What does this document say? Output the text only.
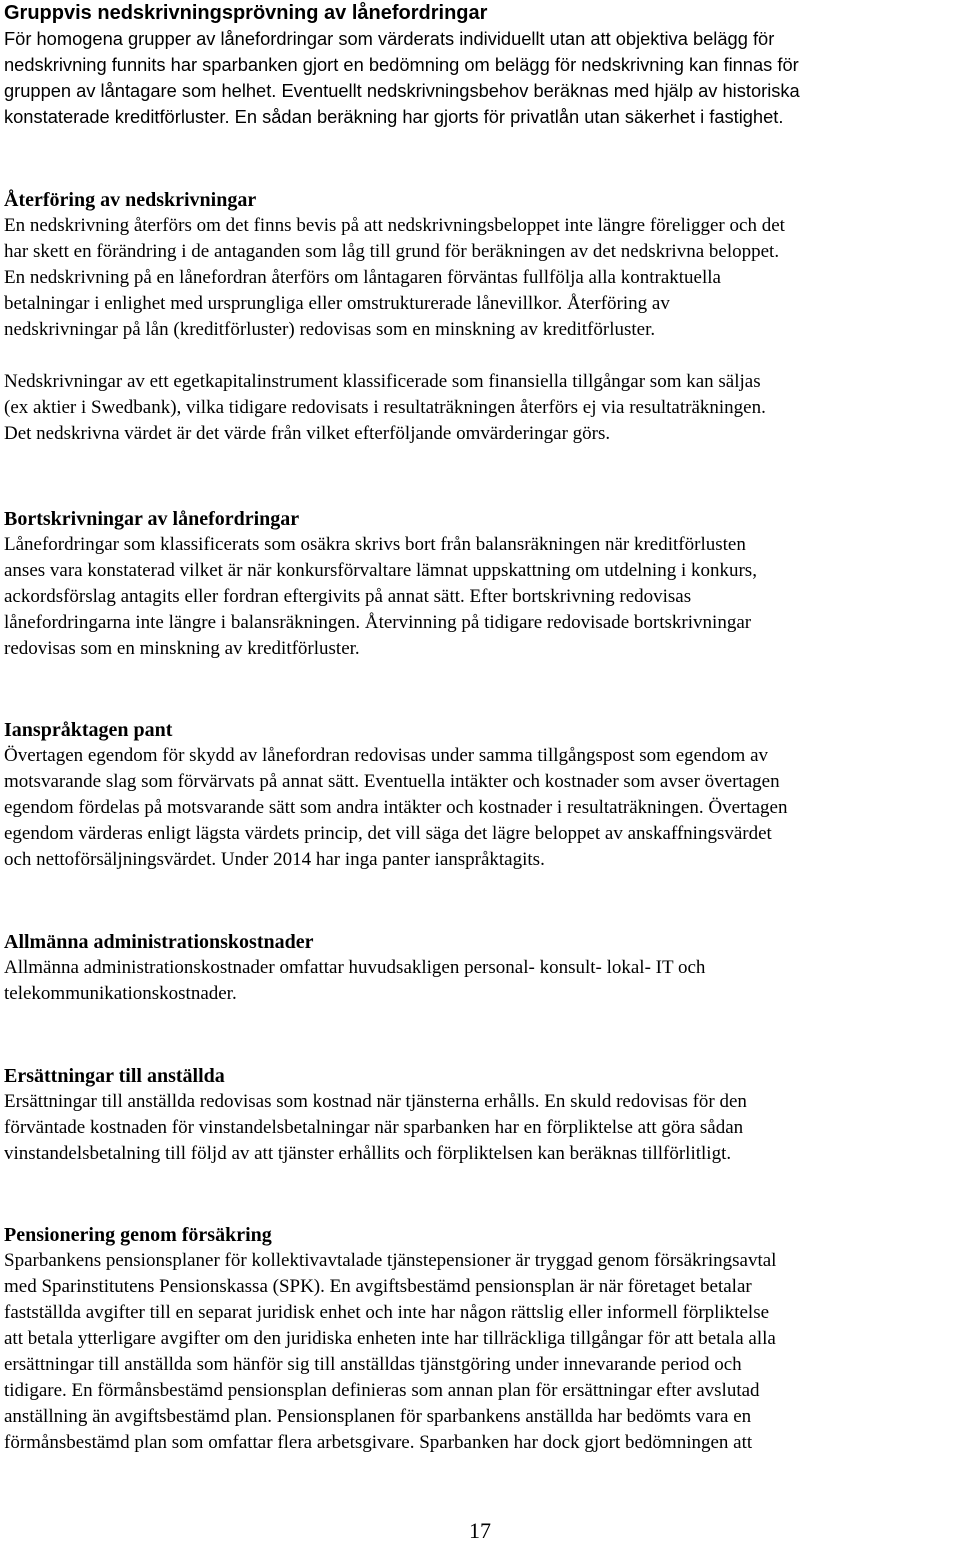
Gruppvis nedskrivningsprövning av lånefordringar
För homogena grupper av lånefordringar som värderats individuellt utan att objektiva belägg för
nedskrivning funnits har sparbanken gjort en bedömning om belägg för nedskrivning kan finnas för
gruppen av låntagare som helhet. Eventuellt nedskrivningsbehov beräknas med hjälp av historiska
konstaterade kreditförluster. En sådan beräkning har gjorts för privatlån utan säkerhet i fastighet.
Återföring av nedskrivningar
En nedskrivning återförs om det finns bevis på att nedskrivningsbeloppet inte längre föreligger och det
har skett en förändring i de antaganden som låg till grund för beräkningen av det nedskrivna beloppet.
En nedskrivning på en lånefordran återförs om låntagaren förväntas fullfölja alla kontraktuella
betalningar i enlighet med ursprungliga eller omstrukturerade lånevillkor. Återföring av
nedskrivningar på lån (kreditförluster) redovisas som en minskning av kreditförluster.
Nedskrivningar av ett egetkapitalinstrument klassificerade som finansiella tillgångar som kan säljas
(ex aktier i Swedbank), vilka tidigare redovisats i resultaträkningen återförs ej via resultaträkningen.
Det nedskrivna värdet är det värde från vilket efterföljande omvärderingar görs.
Bortskrivningar av lånefordringar
Lånefordringar som klassificerats som osäkra skrivs bort från balansräkningen när kreditförlusten
anses vara konstaterad vilket är när konkursförvaltare lämnat uppskattning om utdelning i konkurs,
ackordsförslag antagits eller fordran eftergivits på annat sätt. Efter bortskrivning redovisas
lånefordringarna inte längre i balansräkningen. Återvinning på tidigare redovisade bortskrivningar
redovisas som en minskning av kreditförluster.
Ianspråktagen pant
Övertagen egendom för skydd av lånefordran redovisas under samma tillgångspost som egendom av
motsvarande slag som förvärvats på annat sätt. Eventuella intäkter och kostnader som avser övertagen
egendom fördelas på motsvarande sätt som andra intäkter och kostnader i resultaträkningen. Övertagen
egendom värderas enligt lägsta värdets princip, det vill säga det lägre beloppet av anskaffningsvärdet
och nettoförsäljningsvärdet. Under 2014 har inga panter ianspråktagits.
Allmänna administrationskostnader
Allmänna administrationskostnader omfattar huvudsakligen personal- konsult- lokal- IT och
telekommunikationskostnader.
Ersättningar till anställda
Ersättningar till anställda redovisas som kostnad när tjänsterna erhålls. En skuld redovisas för den
förväntade kostnaden för vinstandelsbetalningar när sparbanken har en förpliktelse att göra sådan
vinstandelsbetalning till följd av att tjänster erhållits och förpliktelsen kan beräknas tillförlitligt.
Pensionering genom försäkring
Sparbankens pensionsplaner för kollektivavtalade tjänstepensioner är tryggad genom försäkringsavtal
med Sparinstitutens Pensionskassa (SPK). En avgiftsbestämd pensionsplan är när företaget betalar
fastställda avgifter till en separat juridisk enhet och inte har någon rättslig eller informell förpliktelse
att betala ytterligare avgifter om den juridiska enheten inte har tillräckliga tillgångar för att betala alla
ersättningar till anställda som hänför sig till anställdas tjänstgöring under innevarande period och
tidigare. En förmånsbestämd pensionsplan definieras som annan plan för ersättningar efter avslutad
anställning än avgiftsbestämd plan. Pensionsplanen för sparbankens anställda har bedömts vara en
förmånsbestämd plan som omfattar flera arbetsgivare. Sparbanken har dock gjort bedömningen att
17
